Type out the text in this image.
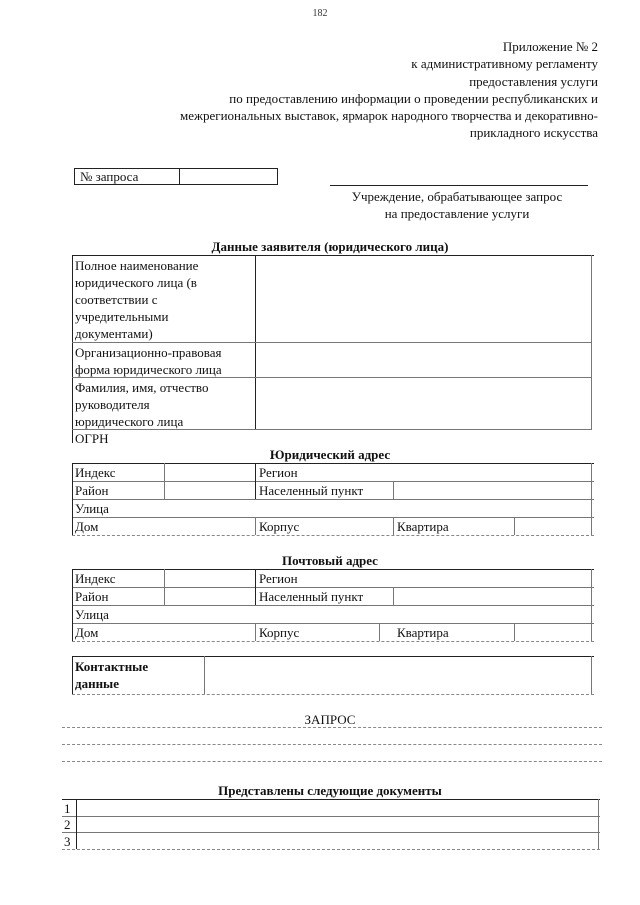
182
Приложение № 2
к административному регламенту
предоставления услуги
по предоставлению информации о проведении республиканских и
межрегиональных выставок, ярмарок народного творчества и декоративно-
прикладного искусства
№ запроса
Учреждение, обрабатывающее запрос
на предоставление услуги
Данные заявителя (юридического лица)
Полное наименование
юридического лица (в
соответствии с
учредительными
документами)
Организационно-правовая
форма юридического лица
Фамилия, имя, отчество
руководителя
юридического лица
ОГРН
Юридический адрес
Индекс	Регион
Район	Населенный пункт
Улица
Дом	Корпус	Квартира
Почтовый адрес
Индекс	Регион
Район	Населенный пункт
Улица
Дом	Корпус	Квартира
Контактные
данные
ЗАПРОС
Представлены следующие документы
1
2
3
